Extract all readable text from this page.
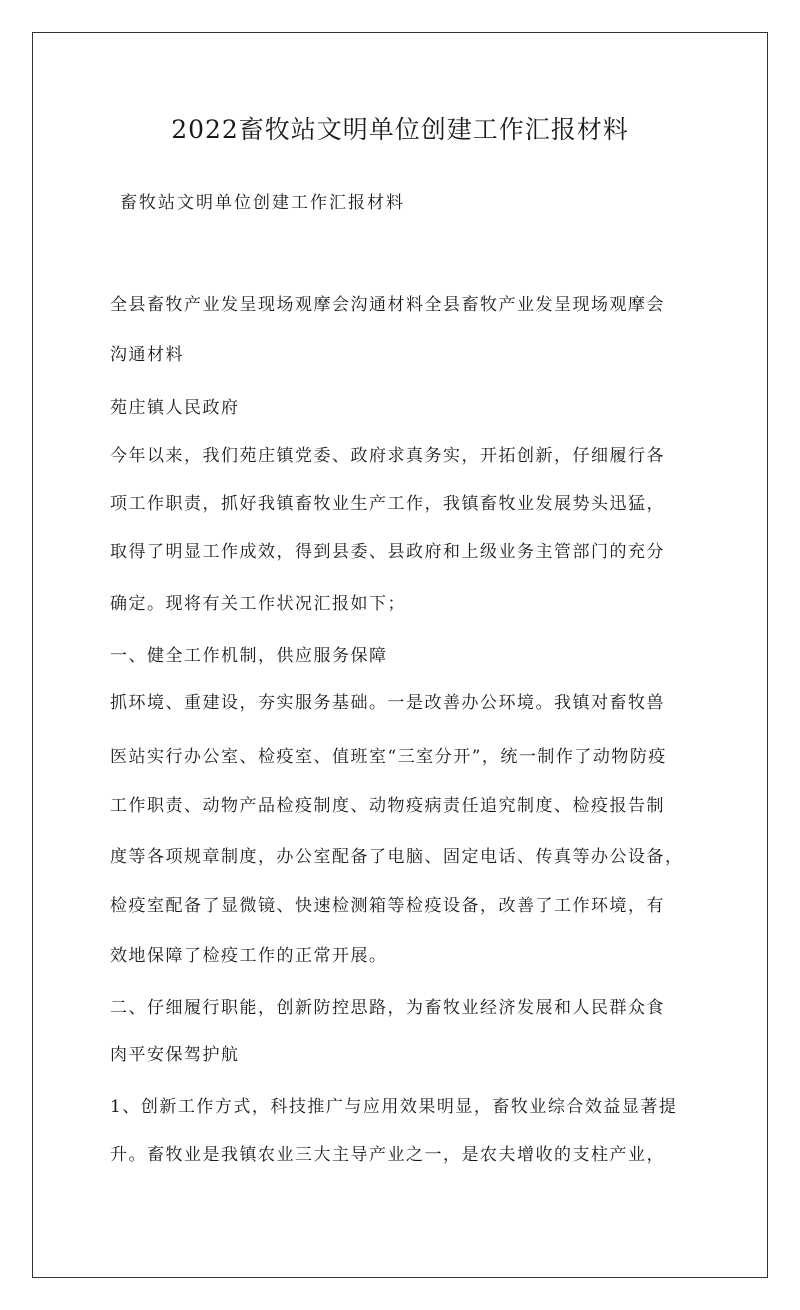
2022畜牧站文明单位创建工作汇报材料
畜牧站文明单位创建工作汇报材料
全县畜牧产业发呈现场观摩会沟通材料全县畜牧产业发呈现场观摩会
沟通材料
苑庄镇人民政府
今年以来，我们苑庄镇党委、政府求真务实，开拓创新，仔细履行各
项工作职责，抓好我镇畜牧业生产工作，我镇畜牧业发展势头迅猛，
取得了明显工作成效，得到县委、县政府和上级业务主管部门的充分
确定。现将有关工作状况汇报如下；
一、健全工作机制，供应服务保障
抓环境、重建设，夯实服务基础。一是改善办公环境。我镇对畜牧兽
医站实行办公室、检疫室、值班室“三室分开”，统一制作了动物防疫
工作职责、动物产品检疫制度、动物疫病责任追究制度、检疫报告制
度等各项规章制度，办公室配备了电脑、固定电话、传真等办公设备，
检疫室配备了显微镜、快速检测箱等检疫设备，改善了工作环境，有
效地保障了检疫工作的正常开展。
二、仔细履行职能，创新防控思路，为畜牧业经济发展和人民群众食
肉平安保驾护航
1、创新工作方式，科技推广与应用效果明显，畜牧业综合效益显著提
升。畜牧业是我镇农业三大主导产业之一，是农夫增收的支柱产业，
